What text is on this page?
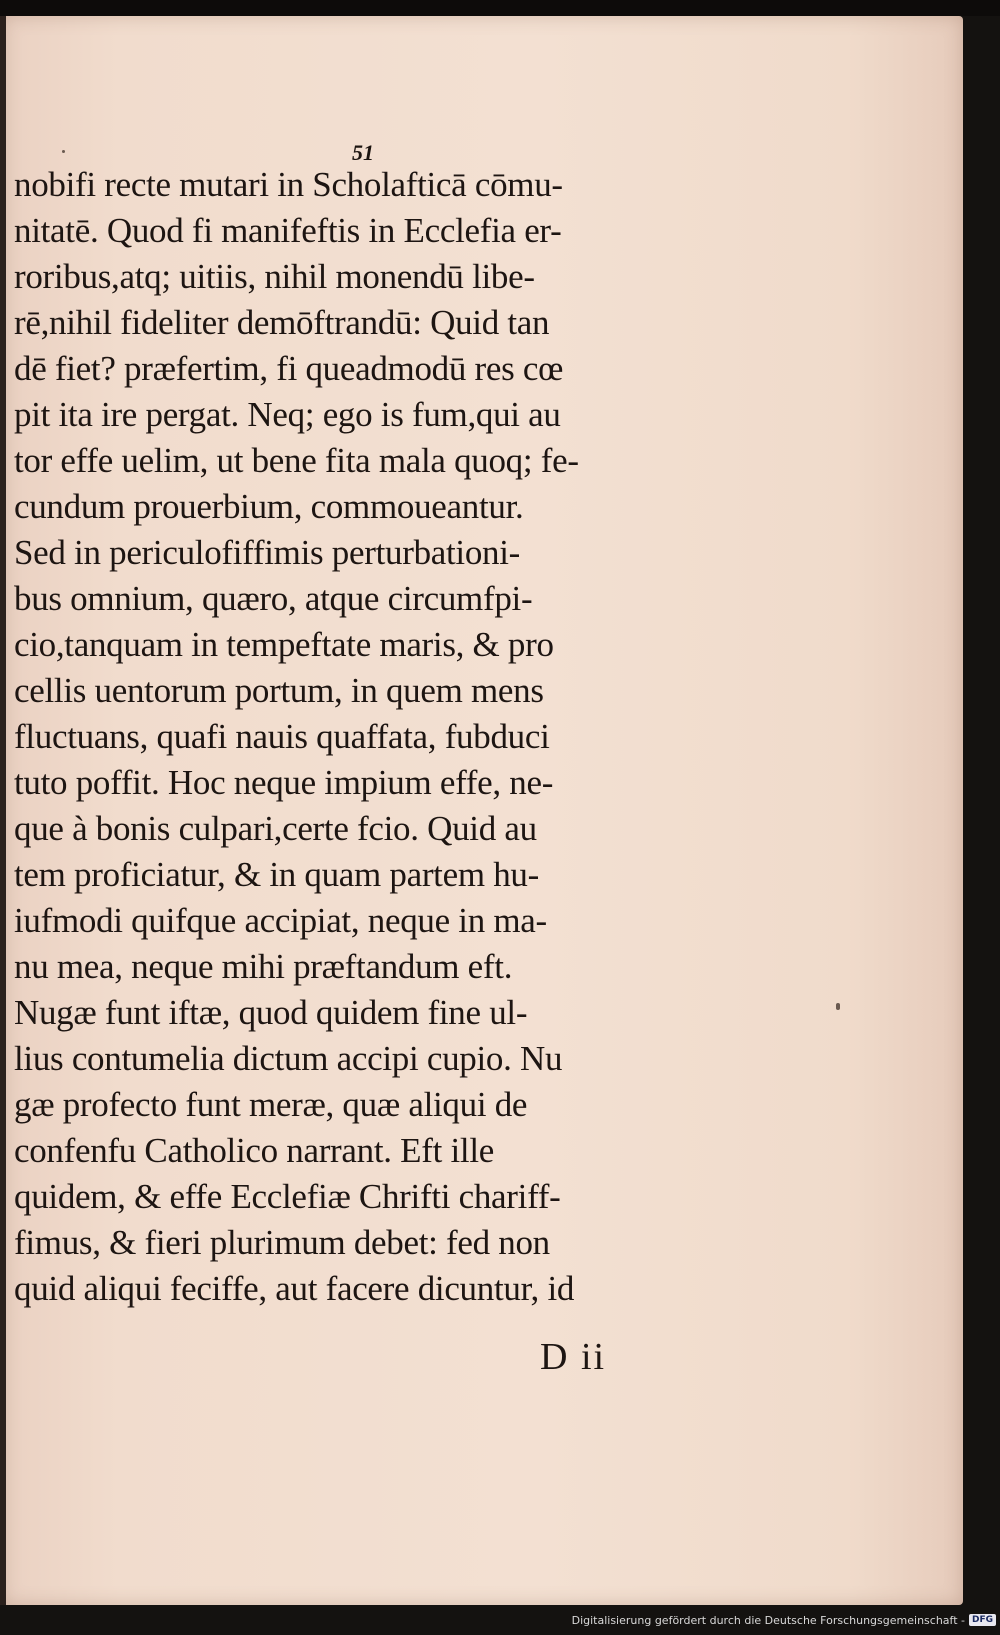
51
nobifi recte mutari in Scholafticā cōmu-
nitatē. Quod fi manifeftis in Ecclefia er-
roribus,atq; uitiis, nihil monendū libe-
rē,nihil fideliter demōftrandū: Quid tan
dē fiet? præfertim, fi queadmodū res cœ
pit ita ire pergat. Neq; ego is fum,qui au
tor effe uelim, ut bene fita mala quoq; fe-
cundum prouerbium, commoueantur.
Sed in periculofiffimis perturbationi-
bus omnium, quæro, atque circumfpi-
cio,tanquam in tempeftate maris, & pro
cellis uentorum portum, in quem mens
fluctuans, quafi nauis quaffata, fubduci
tuto poffit. Hoc neque impium effe, ne-
que à bonis culpari,certe fcio. Quid au
tem proficiatur, & in quam partem hu-
iufmodi quifque accipiat, neque in ma-
nu mea, neque mihi præftandum eft.
Nugæ funt iftæ, quod quidem fine ul-
lius contumelia dictum accipi cupio. Nu
gæ profecto funt meræ, quæ aliqui de
confenfu Catholico narrant. Eft ille
quidem, & effe Ecclefiæ Chrifti chariff-
fimus, & fieri plurimum debet: fed non
quid aliqui feciffe, aut facere dicuntur, id
D ii
Digitalisierung gefördert durch die Deutsche Forschungsgemeinschaft - DFG
